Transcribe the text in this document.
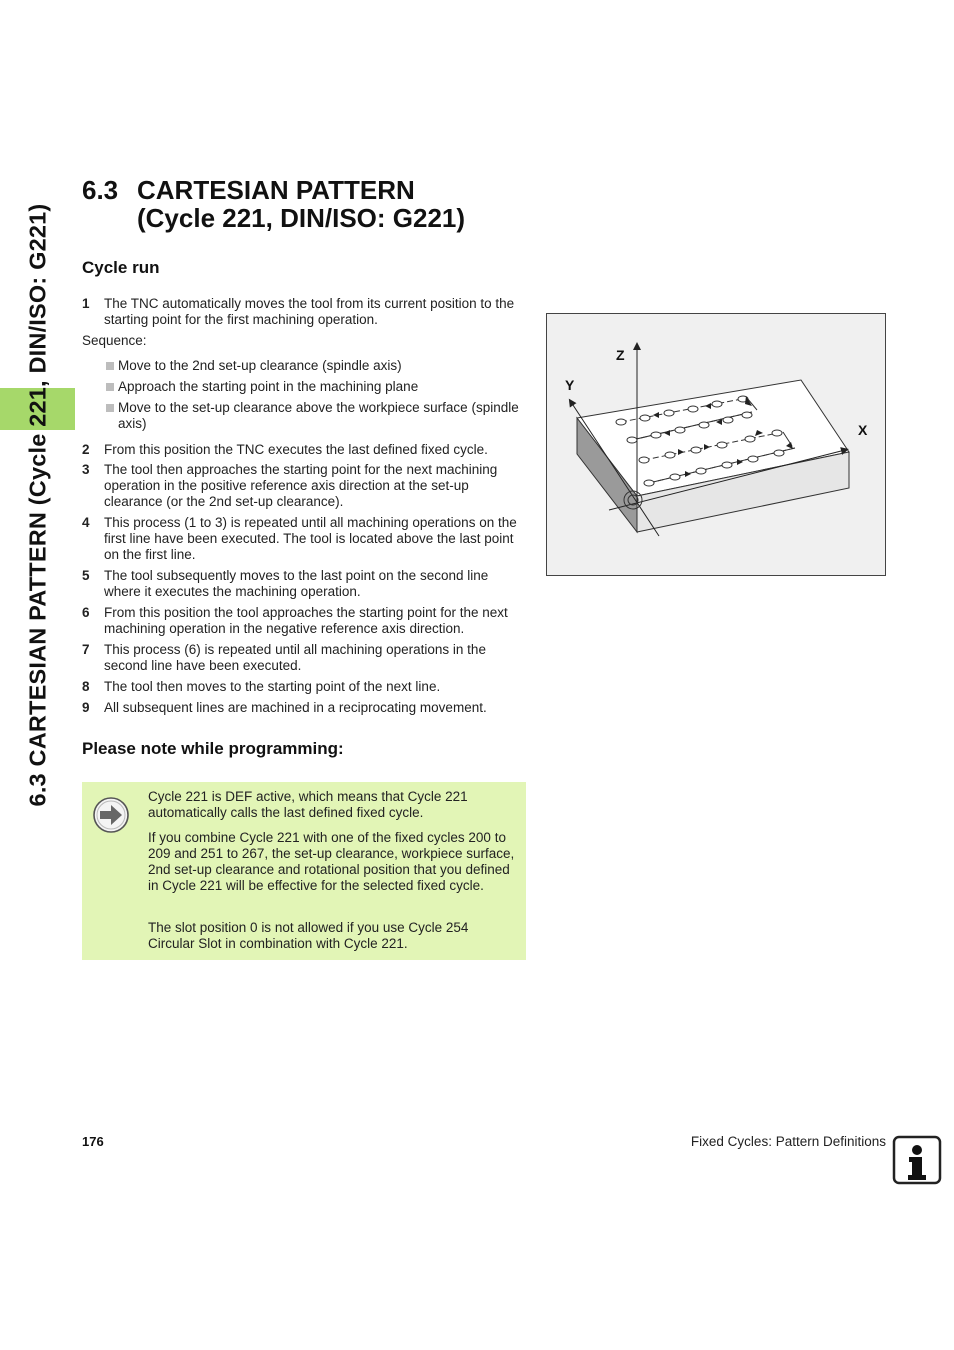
6.3 CARTESIAN PATTERN (Cycle 221, DIN/ISO: G221)
6.3 CARTESIAN PATTERN
(Cycle 221, DIN/ISO: G221)
Cycle run
1 The TNC automatically moves the tool from its current position to the starting point for the first machining operation.
Sequence:
Move to the 2nd set-up clearance (spindle axis)
Approach the starting point in the machining plane
Move to the set-up clearance above the workpiece surface (spindle axis)
2 From this position the TNC executes the last defined fixed cycle.
3 The tool then approaches the starting point for the next machining operation in the positive reference axis direction at the set-up clearance (or the 2nd set-up clearance).
4 This process (1 to 3) is repeated until all machining operations on the first line have been executed. The tool is located above the last point on the first line.
5 The tool subsequently moves to the last point on the second line where it executes the machining operation.
6 From this position the tool approaches the starting point for the next machining operation in the negative reference axis direction.
7 This process (6) is repeated until all machining operations in the second line have been executed.
8 The tool then moves to the starting point of the next line.
9 All subsequent lines are machined in a reciprocating movement.
Please note while programming:
Cycle 221 is DEF active, which means that Cycle 221 automatically calls the last defined fixed cycle.
If you combine Cycle 221 with one of the fixed cycles 200 to 209 and 251 to 267, the set-up clearance, workpiece surface, 2nd set-up clearance and rotational position that you defined in Cycle 221 will be effective for the selected fixed cycle.
The slot position 0 is not allowed if you use Cycle 254 Circular Slot in combination with Cycle 221.
Z
Y
X
176	Fixed Cycles: Pattern Definitions
